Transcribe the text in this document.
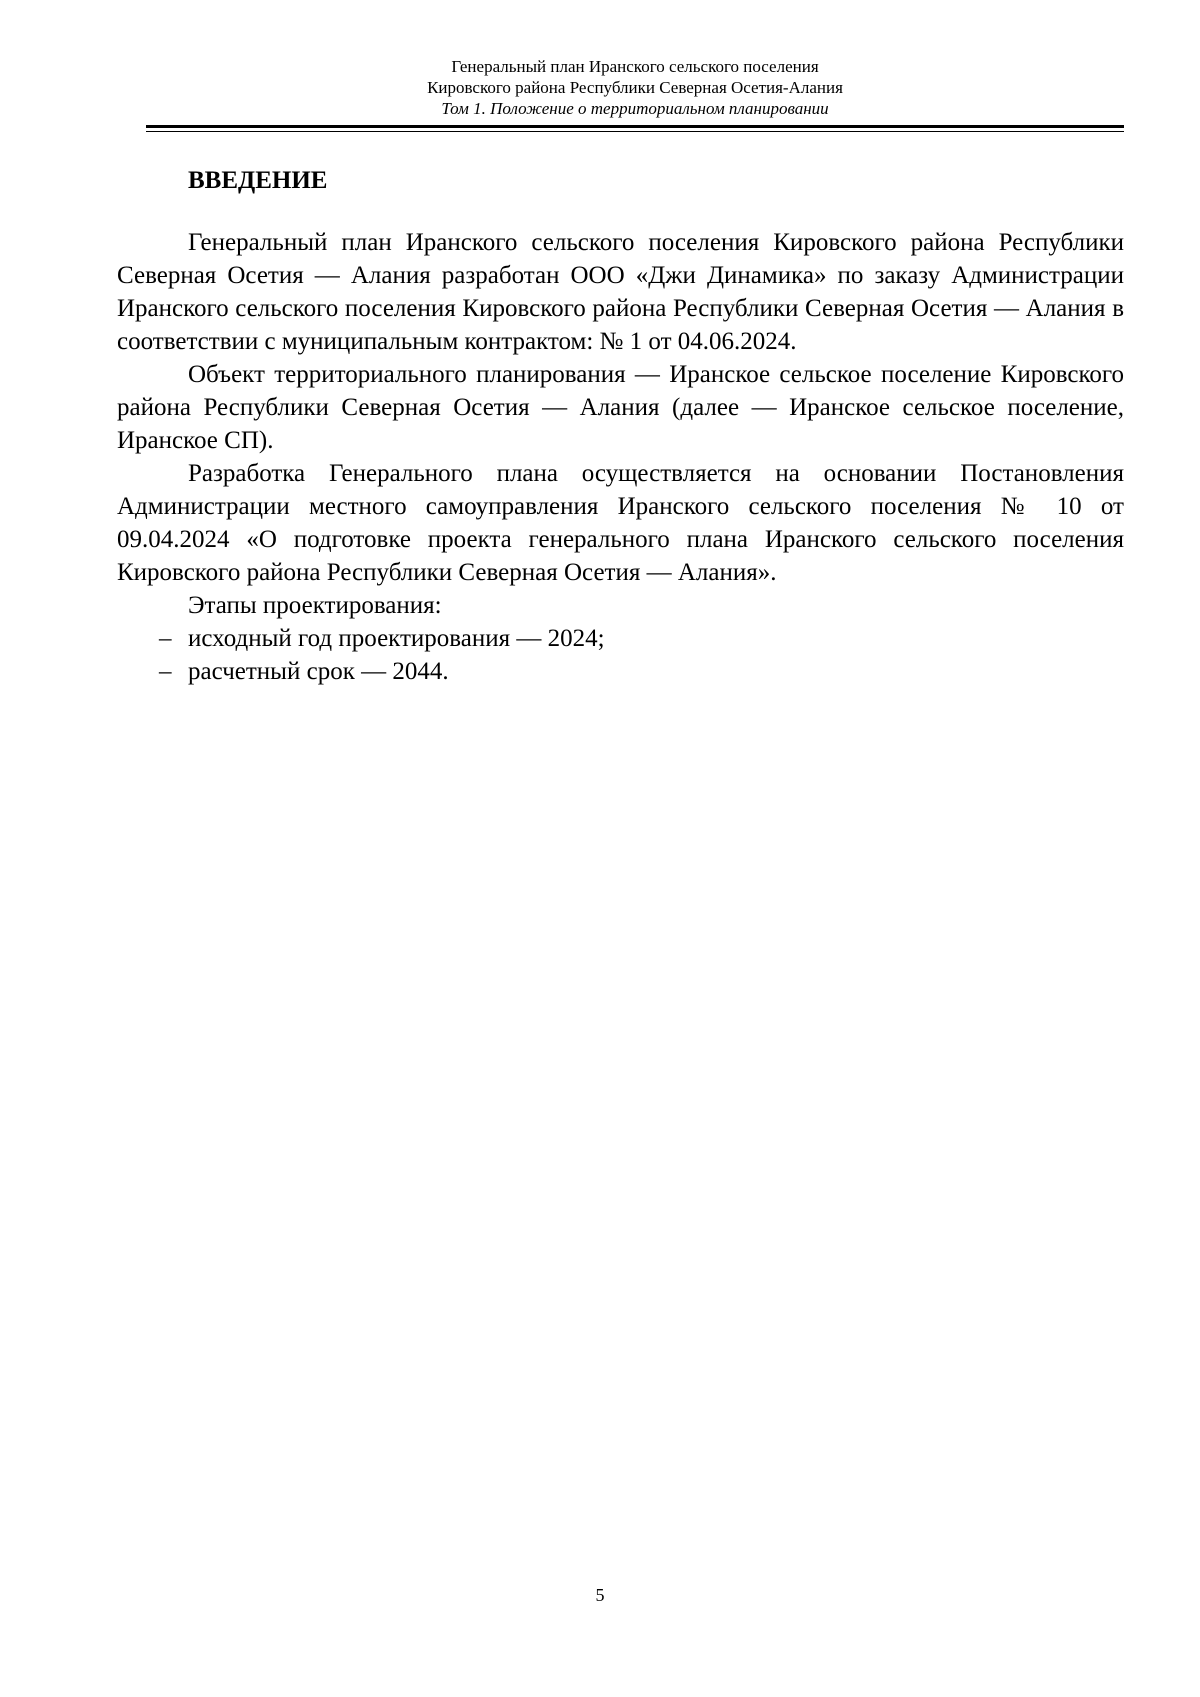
Генеральный план Иранского сельского поселения
Кировского района Республики Северная Осетия-Алания
Том 1. Положение о территориальном планировании
ВВЕДЕНИЕ

Генеральный план Иранского сельского поселения Кировского района Республики Северная Осетия — Алания разработан ООО «Джи Динамика» по заказу Администрации Иранского сельского поселения Кировского района Республики Северная Осетия — Алания в соответствии с муниципальным контрактом: № 1 от 04.06.2024.

Объект территориального планирования — Иранское сельское поселение Кировского района Республики Северная Осетия — Алания (далее — Иранское сельское поселение, Иранское СП).

Разработка Генерального плана осуществляется на основании Постановления Администрации местного самоуправления Иранского сельского поселения № 10 от 09.04.2024 «О подготовке проекта генерального плана Иранского сельского поселения Кировского района Республики Северная Осетия — Алания».

Этапы проектирования:

– исходный год проектирования — 2024;
– расчетный срок — 2044.
5
